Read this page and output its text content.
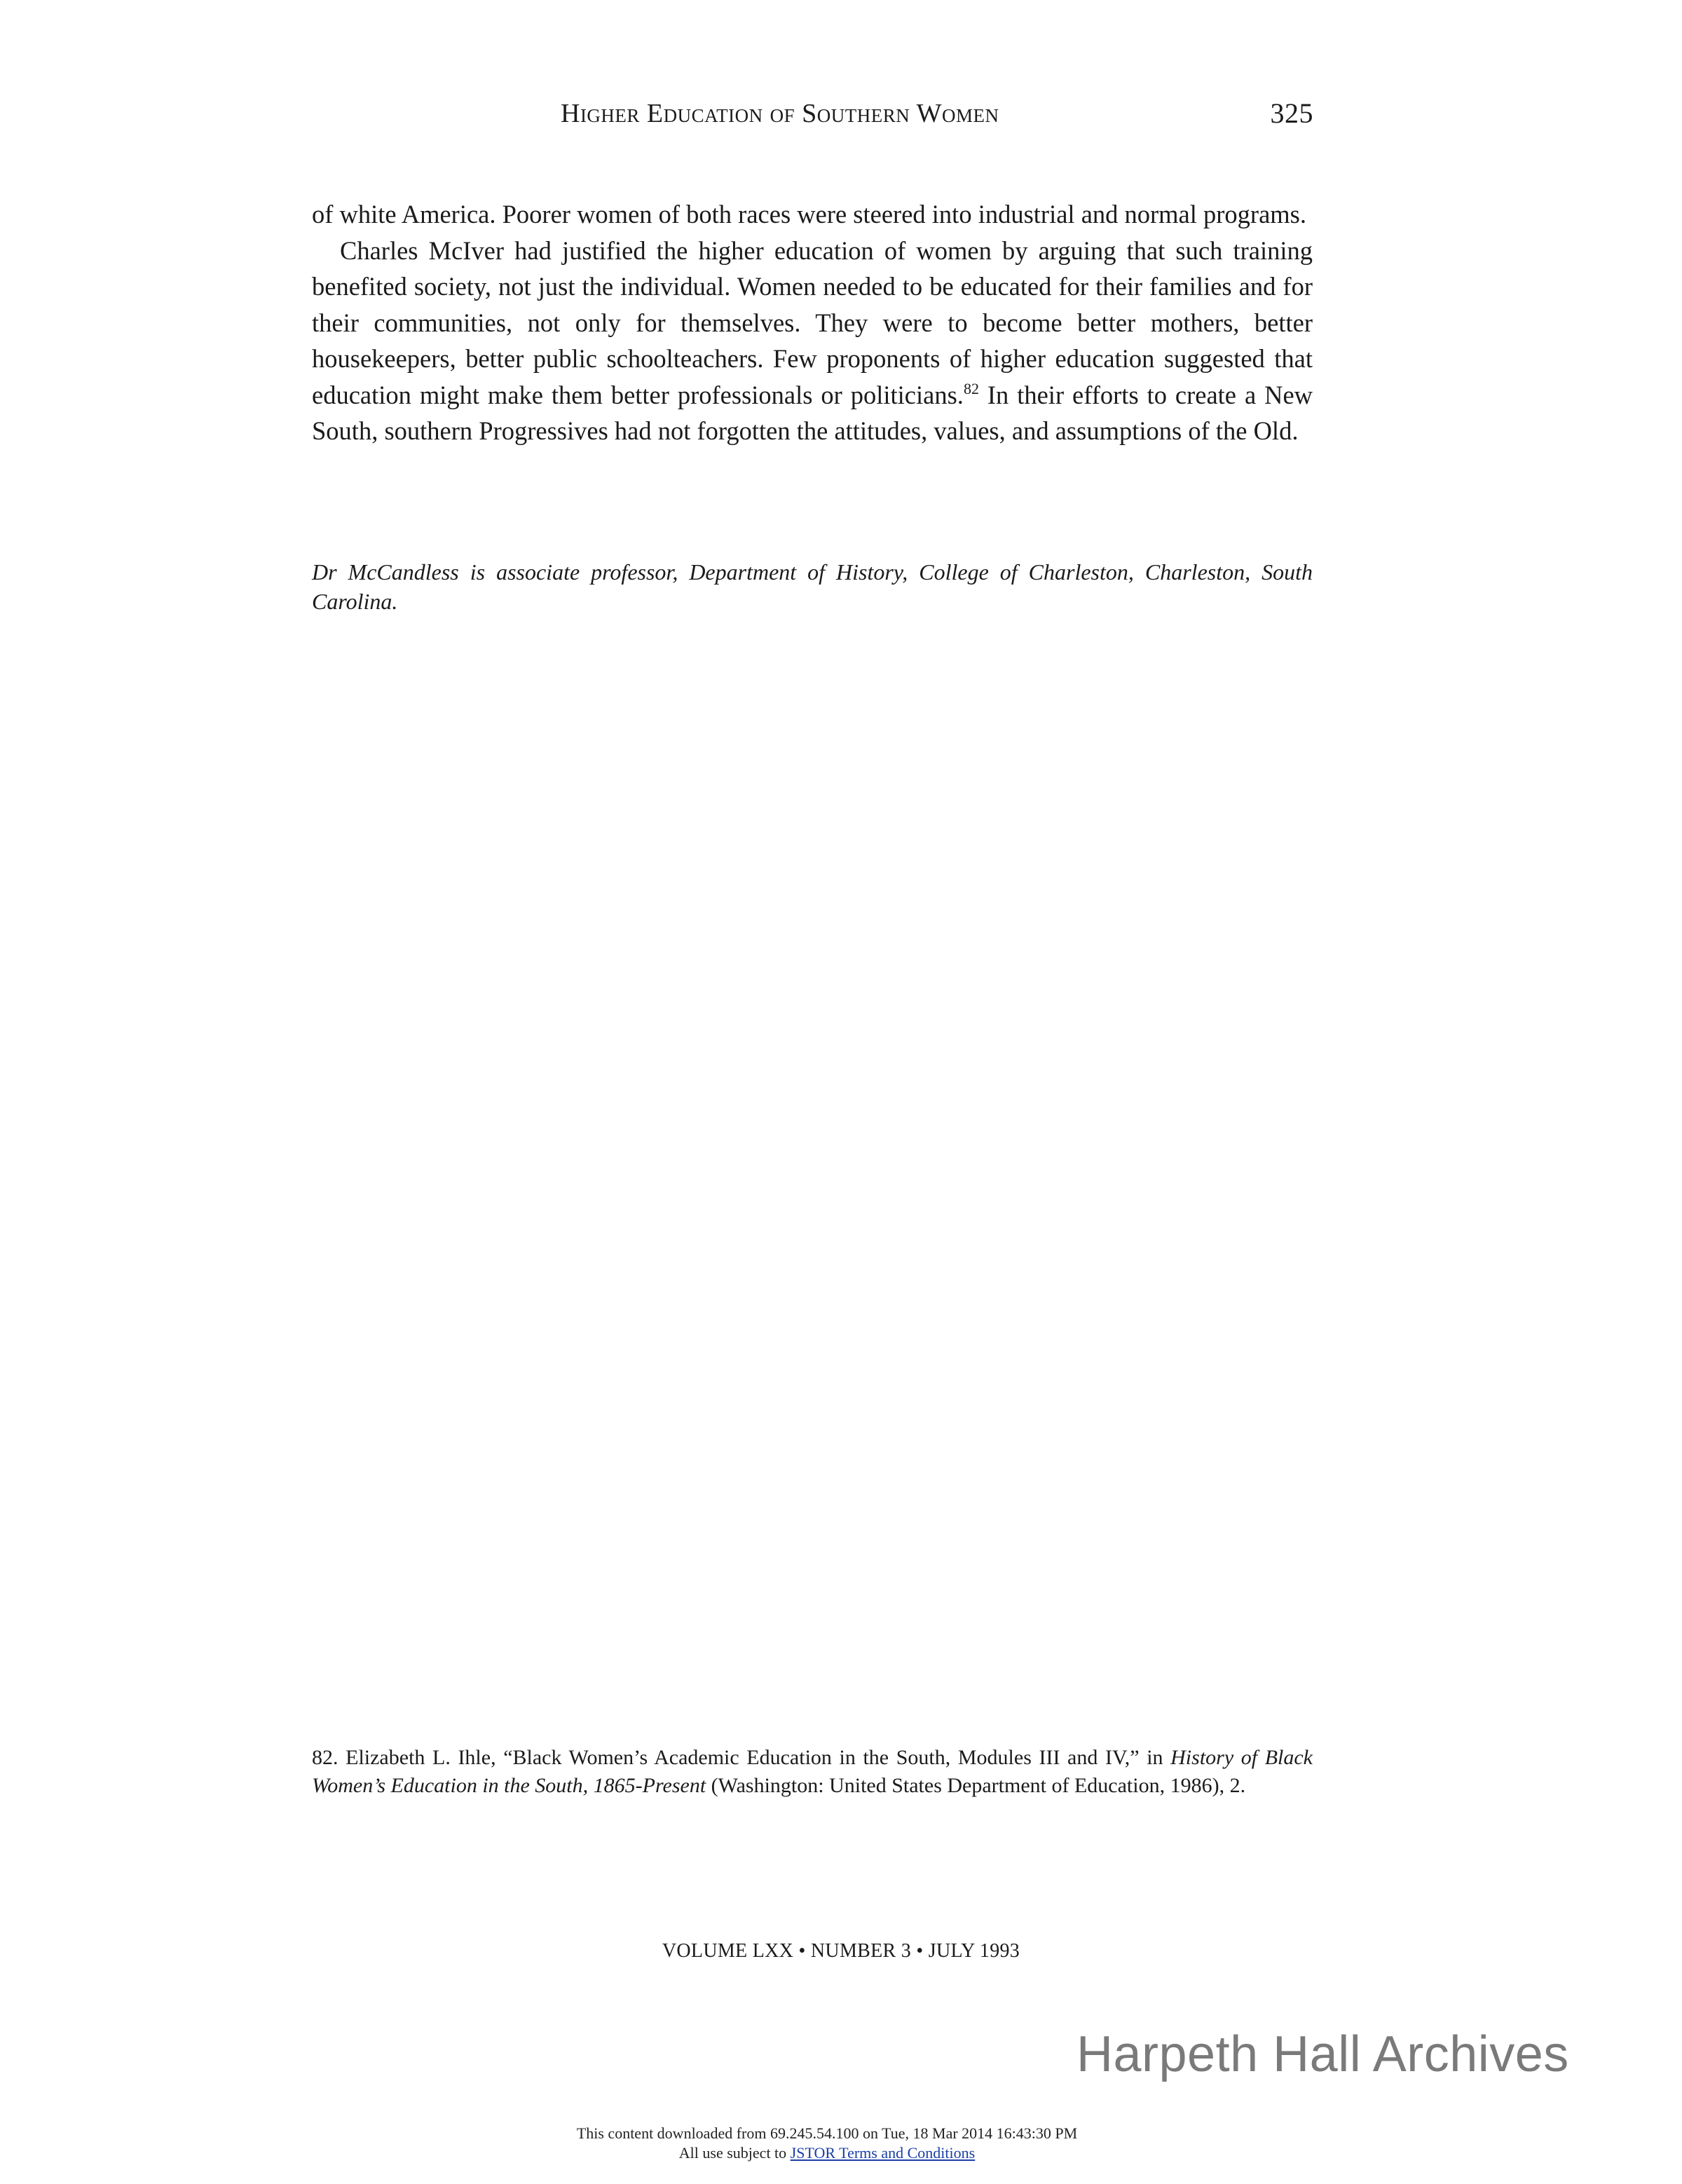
Higher Education of Southern Women	325

of white America. Poorer women of both races were steered into industrial and normal programs.

Charles McIver had justified the higher education of women by arguing that such training benefited society, not just the individual. Women needed to be educated for their families and for their communities, not only for themselves. They were to become better mothers, better housekeepers, better public schoolteachers. Few proponents of higher education suggested that education might make them better professionals or politicians.$^{82}$ In their efforts to create a New South, southern Progressives had not forgotten the attitudes, values, and assumptions of the Old.

Dr McCandless is associate professor, Department of History, College of Charleston, Charleston, South Carolina.
82. Elizabeth L. Ihle, “Black Women’s Academic Education in the South, Modules III and IV,” in History of Black Women’s Education in the South, 1865-Present (Washington: United States Department of Education, 1986), 2.
VOLUME LXX • NUMBER 3 • JULY 1993
Harpeth Hall Archives
This content downloaded from 69.245.54.100 on Tue, 18 Mar 2014 16:43:30 PM
All use subject to JSTOR Terms and Conditions
